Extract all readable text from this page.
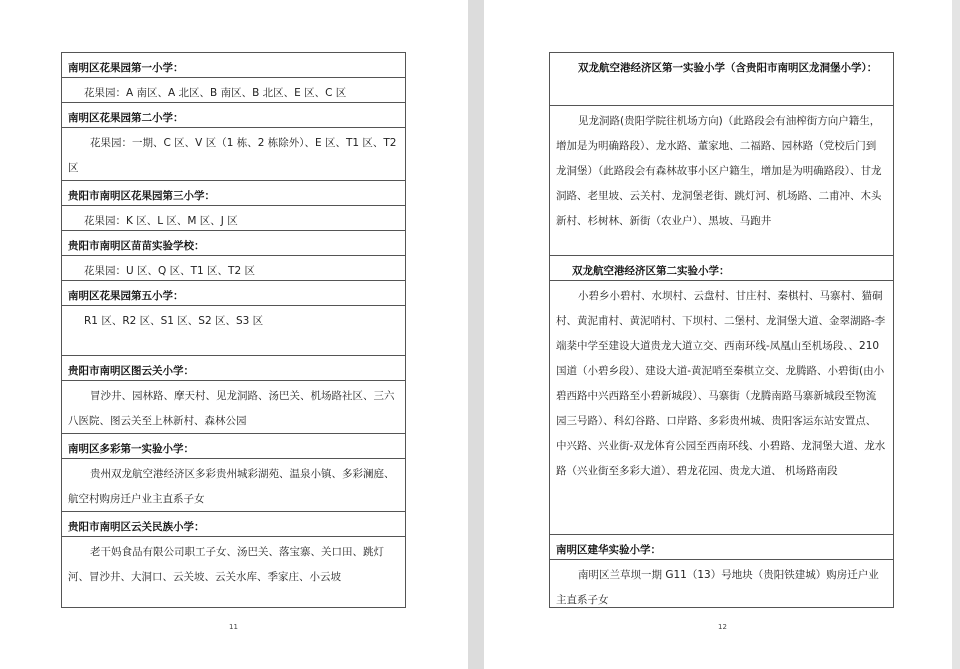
南明区花果园第一小学：
花果园：A 南区、A 北区、B 南区、B 北区、E 区、C 区
南明区花果园第二小学：
花果园：一期、C 区、V 区（1 栋、2 栋除外）、E 区、T1 区、T2 区
贵阳市南明区花果园第三小学：
花果园：K 区、L 区、M 区、J 区
贵阳市南明区苗苗实验学校：
花果园：U 区、Q 区、T1 区、T2 区
南明区花果园第五小学：
R1 区、R2 区、S1 区、S2 区、S3 区
贵阳市南明区图云关小学：
冒沙井、园林路、摩天村、见龙洞路、汤巴关、机场路社区、三六八医院、图云关至上林新村、森林公园
南明区多彩第一实验小学：
贵州双龙航空港经济区多彩贵州城彩湖苑、温泉小镇、多彩澜庭、航空村购房迁户业主直系子女
贵阳市南明区云关民族小学：
老干妈食品有限公司职工子女、汤巴关、落宝寨、关口田、跳灯河、冒沙井、大洞口、云关坡、云关水库、季家庄、小云坡
11
双龙航空港经济区第一实验小学（含贵阳市南明区龙洞堡小学）：
见龙洞路(贵阳学院往机场方向)（此路段会有油榨街方向户籍生，增加是为明确路段）、龙水路、董家地、二福路、园林路（党校后门到龙洞堡）（此路段会有森林故事小区户籍生，增加是为明确路段）、甘龙洞路、老里坡、云关村、龙洞堡老街、跳灯河、机场路、二甫冲、木头新村、杉树林、新街（农业户）、黑坡、马跑井
双龙航空港经济区第二实验小学：
小碧乡小碧村、水坝村、云盘村、甘庄村、秦棋村、马寨村、猫硐村、黄泥甫村、黄泥哨村、下坝村、二堡村、龙洞堡大道、金翠湖路-李端棻中学至建设大道贵龙大道立交、西南环线-凤凰山至机场段、、210 国道（小碧乡段）、建设大道-黄泥哨至秦棋立交、龙腾路、小碧街(由小碧西路中兴西路至小碧新城段）、马寨街（龙腾南路马寨新城段至物流园三号路）、科幻谷路、口岸路、多彩贵州城、贵阳客运东站安置点、中兴路、兴业街-双龙体育公园至西南环线、小碧路、龙洞堡大道、龙水路（兴业街至多彩大道）、碧龙花园、贵龙大道、 机场路南段
南明区建华实验小学：
南明区兰草坝一期 G11（13）号地块（贵阳铁建城）购房迁户业主直系子女
12
